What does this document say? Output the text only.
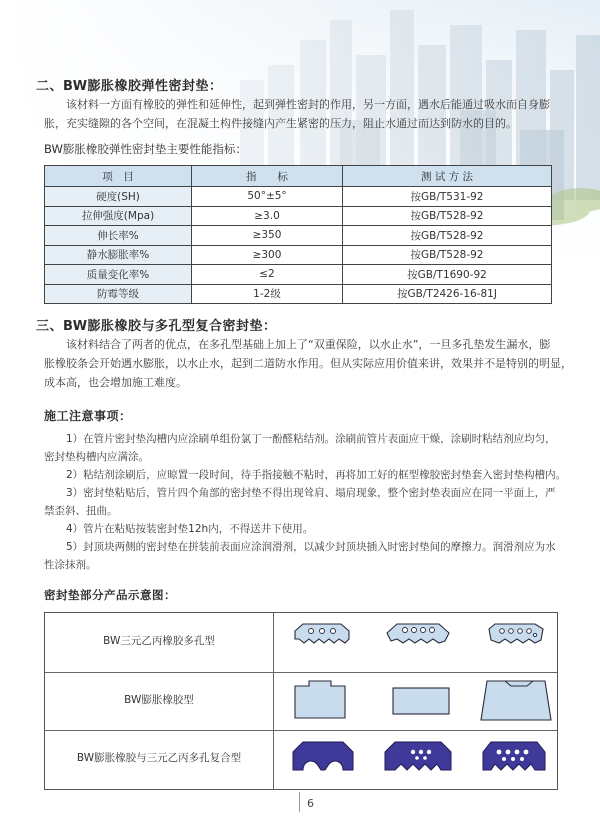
二、BW膨胀橡胶弹性密封垫：
该材料一方面有橡胶的弹性和延伸性，起到弹性密封的作用，另一方面，遇水后能通过吸水而自身膨
胀，充实缝隙的各个空间，在混凝土构件接缝内产生紧密的压力，阻止水通过而达到防水的目的。
BW膨胀橡胶弹性密封垫主要性能指标：
项　目	指　　标	测 试 方 法
硬度(SH)	50°±5°	按GB/T531-92
拉伸强度(Mpa)	≥3.0	按GB/T528-92
伸长率%	≥350	按GB/T528-92
静水膨胀率%	≥300	按GB/T528-92
质量变化率%	≤2	按GB/T1690-92
防霉等级	1-2级	按GB/T2426-16-81J
三、BW膨胀橡胶与多孔型复合密封垫：
该材料结合了两者的优点，在多孔型基础上加上了“双重保险，以水止水”，一旦多孔垫发生漏水，膨
胀橡胶条会开始遇水膨胀，以水止水，起到二道防水作用。但从实际应用价值来讲，效果并不是特别的明显，
成本高，也会增加施工难度。
施工注意事项：
1）在管片密封垫沟槽内应涂刷单组份氯丁一酚醛粘结剂。涂刷前管片表面应干燥，涂刷时粘结剂应均匀，
密封垫构槽内应满涂。
2）粘结剂涂刷后，应晾置一段时间，待手指接触不粘时，再将加工好的框型橡胶密封垫套入密封垫构槽内。
3）密封垫粘贴后，管片四个角部的密封垫不得出现耸肩、塌肩现象，整个密封垫表面应在同一平面上，严
禁歪斜、扭曲。
4）管片在粘贴按装密封垫12h内，不得送井下使用。
5）封顶块两侧的密封垫在拼装前表面应涂润滑剂，以减少封顶块插入时密封垫间的摩擦力。润滑剂应为水
性涂抹剂。
密封垫部分产品示意图：
BW三元乙丙橡胶多孔型
BW膨胀橡胶型
BW膨胀橡胶与三元乙丙多孔复合型
6
